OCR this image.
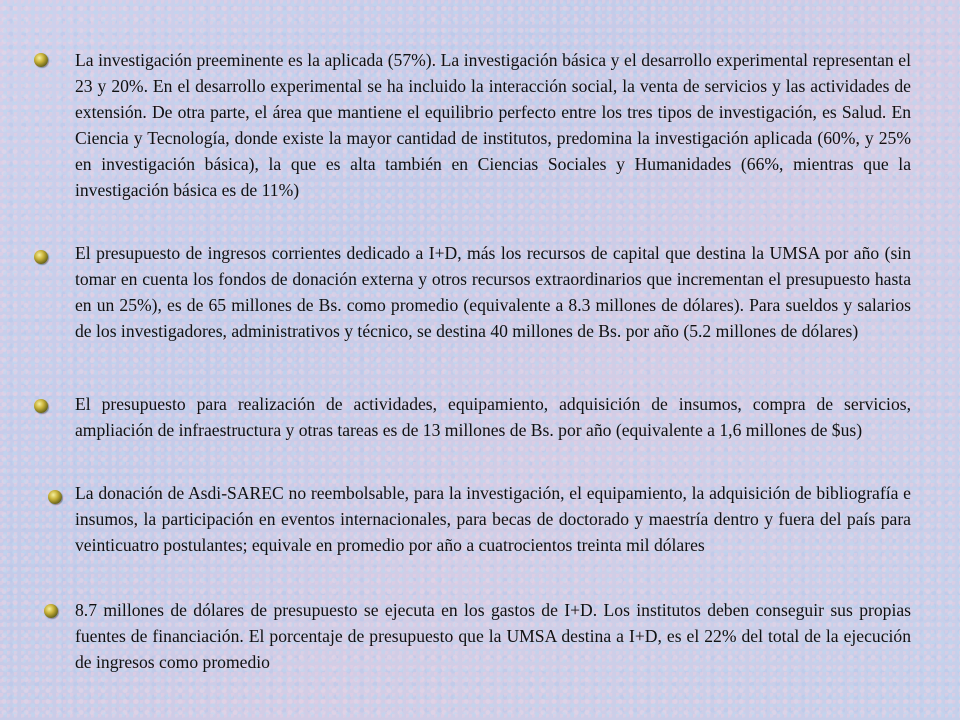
La investigación preeminente es la aplicada (57%). La investigación básica y el desarrollo experimental representan el 23 y 20%. En el desarrollo experimental se ha incluido la interacción social, la venta de servicios y las actividades de extensión. De otra parte, el área que mantiene el equilibrio perfecto entre los tres tipos de investigación, es Salud. En Ciencia y Tecnología, donde existe la mayor cantidad de institutos, predomina la investigación aplicada (60%, y 25% en investigación básica), la que es alta también en Ciencias Sociales y Humanidades (66%, mientras que la investigación básica es de 11%)

El presupuesto de ingresos corrientes dedicado a I+D, más los recursos de capital que destina la UMSA por año (sin tomar en cuenta los fondos de donación externa y otros recursos extraordinarios que incrementan el presupuesto hasta en un 25%), es de 65 millones de Bs. como promedio (equivalente a 8.3 millones de dólares). Para sueldos y salarios de los investigadores, administrativos y técnico, se destina 40 millones de Bs. por año (5.2 millones de dólares)

El presupuesto para realización de actividades, equipamiento, adquisición de insumos, compra de servicios, ampliación de infraestructura y otras tareas es de 13 millones de Bs. por año (equivalente a 1,6 millones de $us)

La donación de Asdi-SAREC no reembolsable, para la investigación, el equipamiento, la adquisición de bibliografía e insumos, la participación en eventos internacionales, para becas de doctorado y maestría dentro y fuera del país para veinticuatro postulantes; equivale en promedio por año a cuatrocientos treinta mil dólares

8.7 millones de dólares de presupuesto se ejecuta en los gastos de I+D. Los institutos deben conseguir sus propias fuentes de financiación. El porcentaje de presupuesto que la UMSA destina a I+D, es el 22% del total de la ejecución de ingresos como promedio
